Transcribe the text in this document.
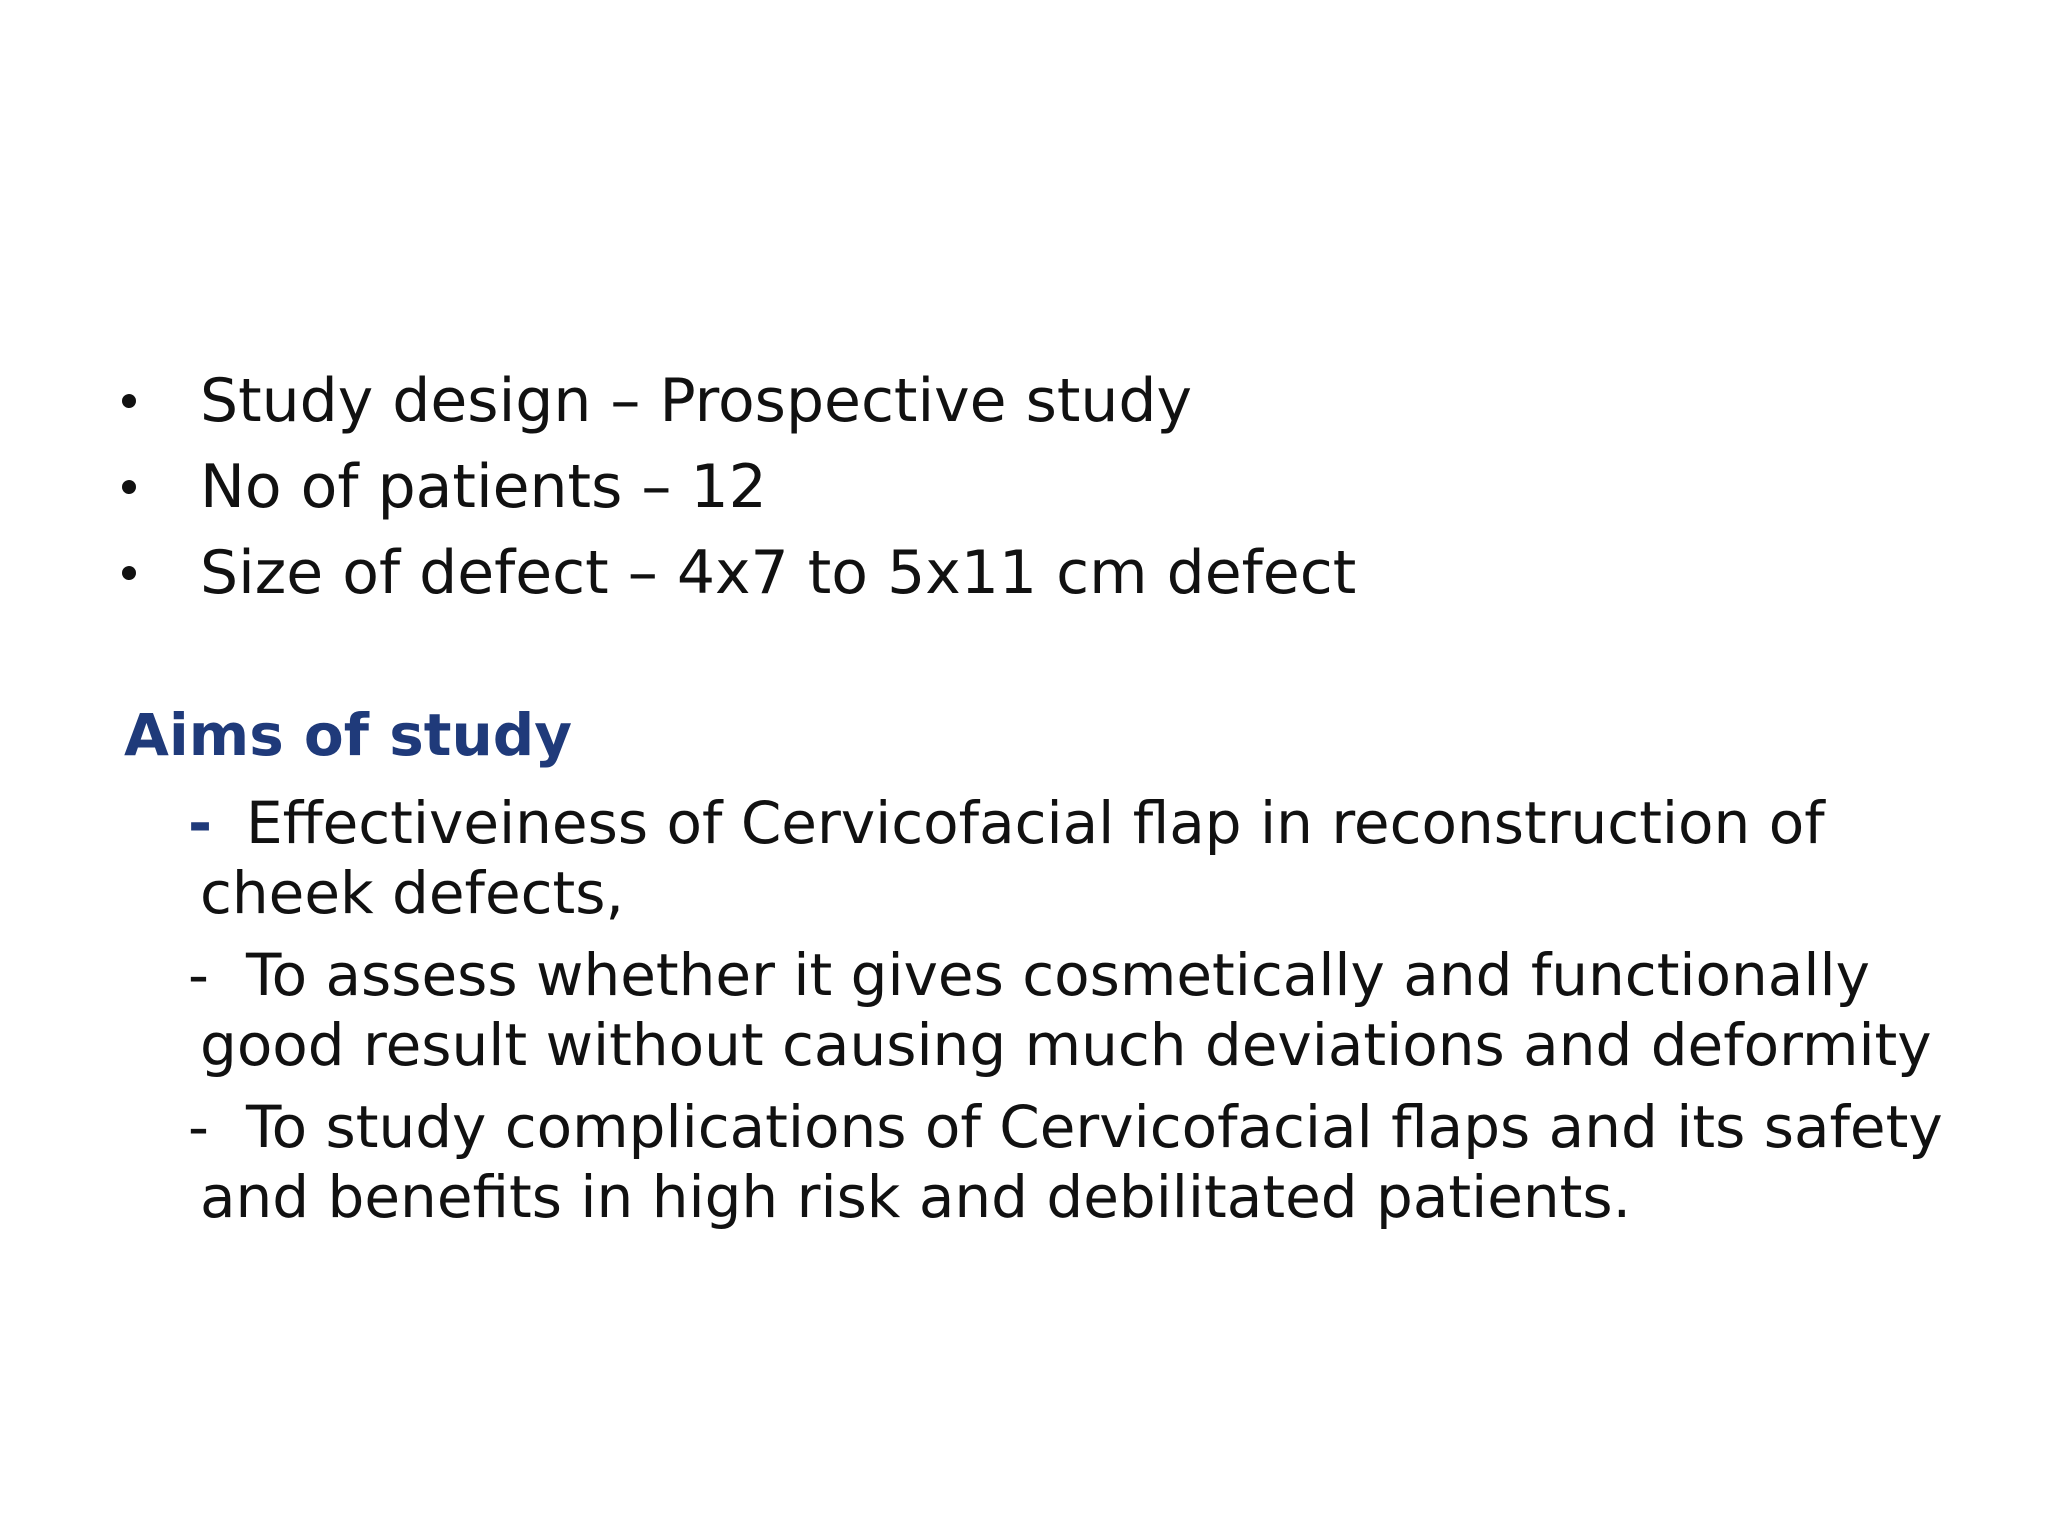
Study design – Prospective study
No of patients – 12
Size of defect – 4x7 to 5x11 cm defect
Aims of study
- Effectiveiness of Cervicofacial flap in reconstruction of
cheek defects,
- To assess whether it gives cosmetically and functionally
good result without causing much deviations and deformity
- To study complications of Cervicofacial flaps and its safety
and benefits in high risk and debilitated patients.
